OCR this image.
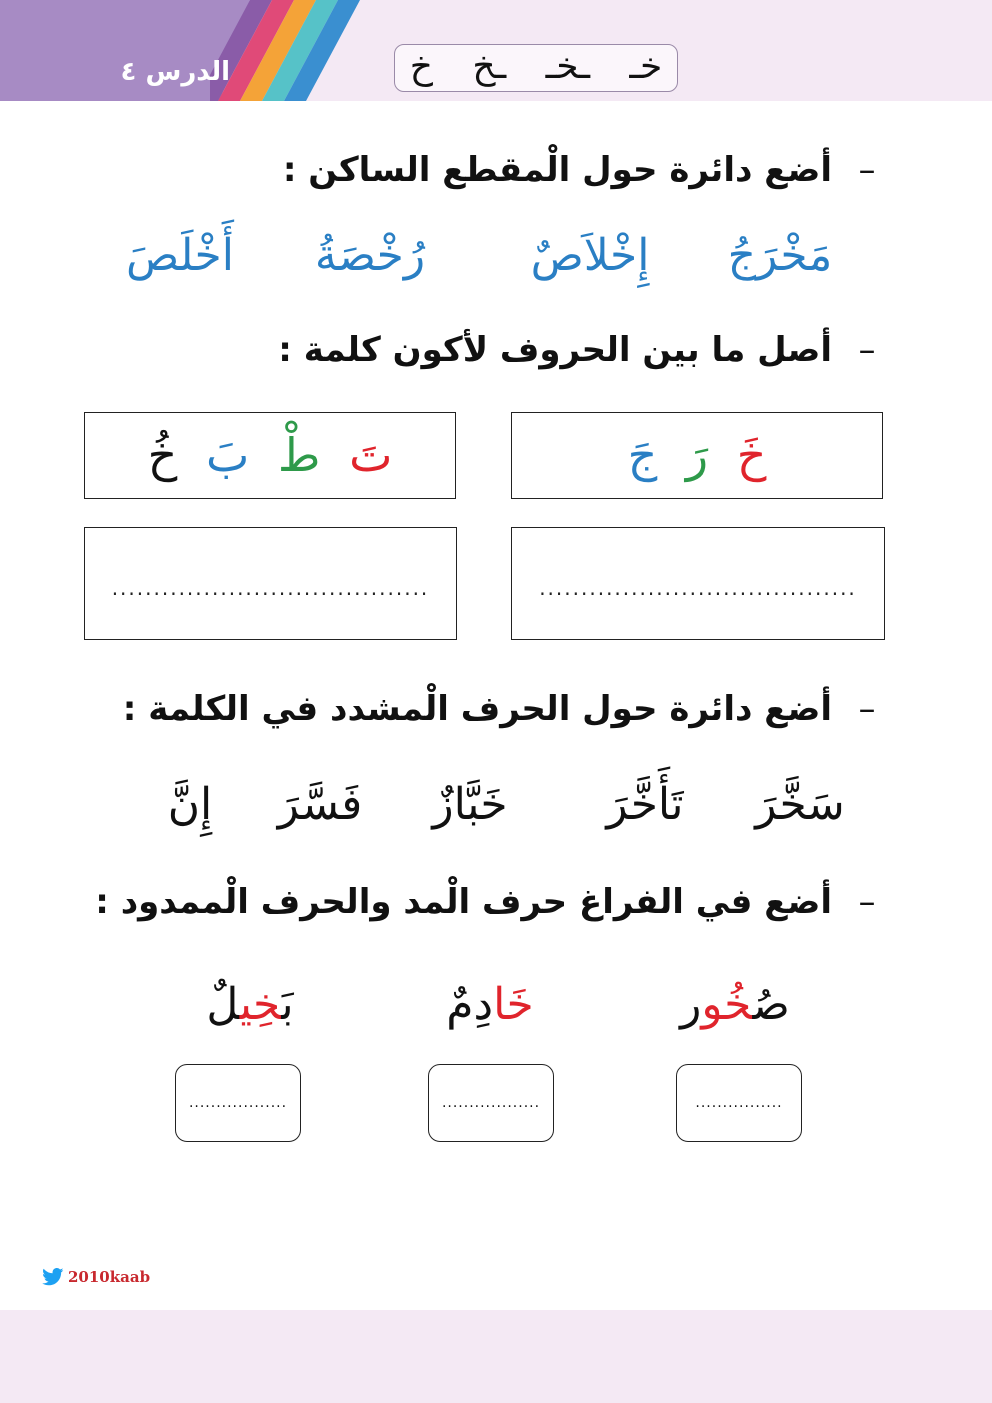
الدرس ٤	خـ ـخـ ـخ خ
–أضع دائرة حول الْمقطع الساكن :
مَخْرَجُ
إِخْلاَصٌ
رُخْصَةُ
أَخْلَصَ
–أصل ما بين الحروف لأكون كلمة :
خَ رَ جَ
تَ طْ بَ خُ
......................................
......................................
–أضع دائرة حول الحرف الْمشدد في الكلمة :
سَخَّرَ
تَأَخَّرَ
خَبَّازٌ
فَسَّرَ
إِنَّ
–أضع في الفراغ حرف الْمد والحرف الْممدود :
صُخُور
خَادِمٌ
بَخِيلٌ
................
..................
..................
2010kaab
